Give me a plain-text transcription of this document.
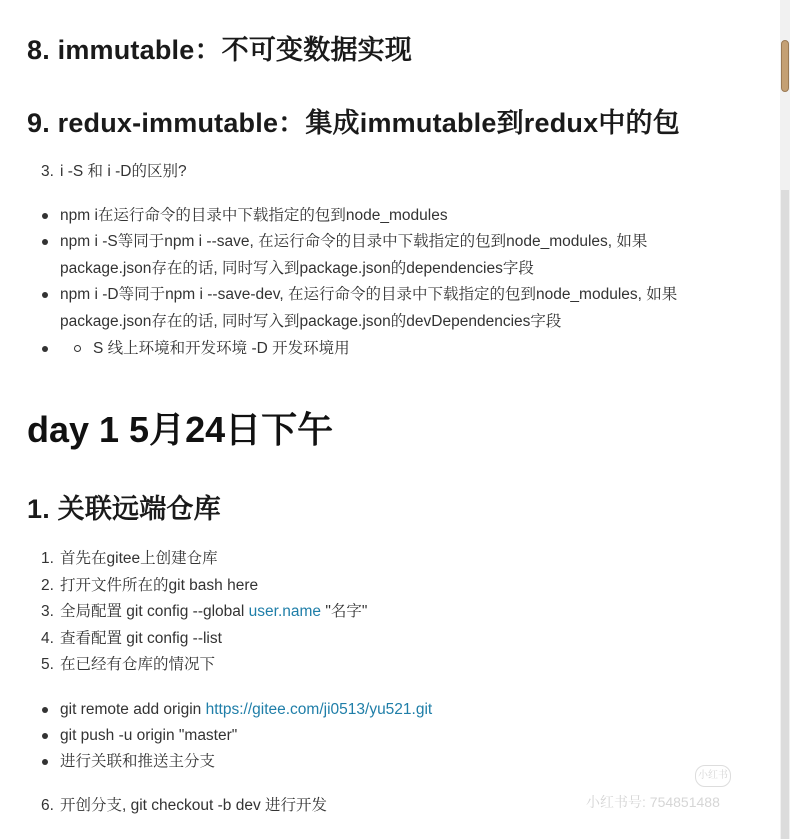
8. immutable：不可变数据实现
9. redux-immutable：集成immutable到redux中的包
3. i -S 和 i -D的区别?
npm i在运行命令的目录中下载指定的包到node_modules
npm i -S等同于npm i --save, 在运行命令的目录中下载指定的包到node_modules, 如果
package.json存在的话, 同时写入到package.json的dependencies字段
npm i -D等同于npm i --save-dev, 在运行命令的目录中下载指定的包到node_modules, 如果
package.json存在的话, 同时写入到package.json的devDependencies字段
S 线上环境和开发环境 -D 开发环境用
day 1 5月24日下午
1. 关联远端仓库
1. 首先在gitee上创建仓库
2. 打开文件所在的git bash here
3. 全局配置 git config --global user.name "名字"
4. 查看配置 git config --list
5. 在已经有仓库的情况下
git remote add origin https://gitee.com/ji0513/yu521.git
git push -u origin "master"
进行关联和推送主分支
6. 开创分支, git checkout -b dev 进行开发
小红书
小红书号: 7548514​88
